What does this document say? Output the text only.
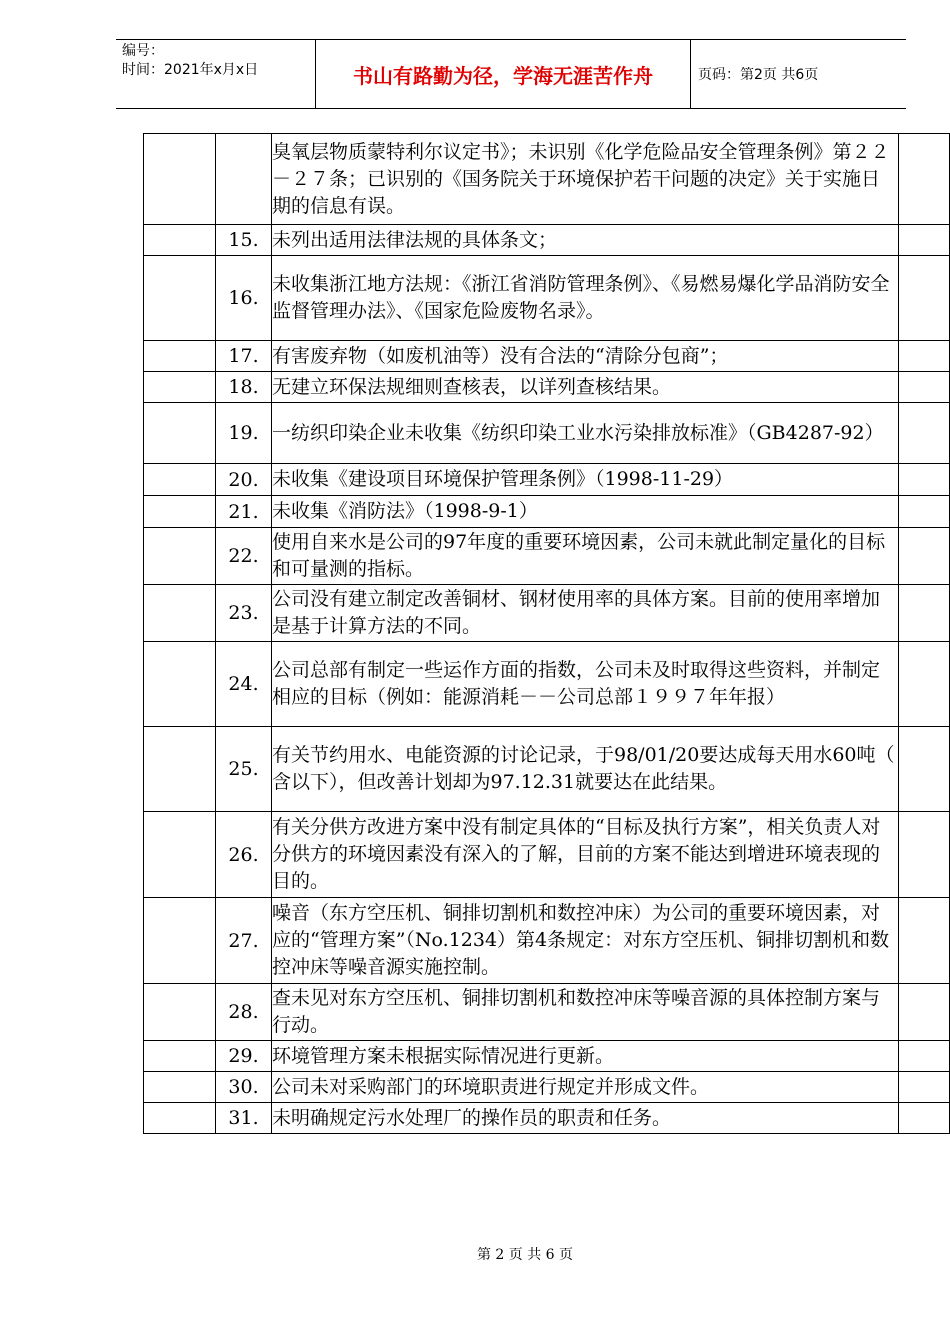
编号：
时间：2021年x月x日	书山有路勤为径，学海无涯苦作舟	页码：第2页 共6页
		臭氧层物质蒙特利尔议定书》；未识别《化学危险品安全管理条例》第２２－２７条；已识别的《国务院关于环境保护若干问题的决定》关于实施日期的信息有误。	
	15.	未列出适用法律法规的具体条文；	
	16.	未收集浙江地方法规：《浙江省消防管理条例》、《易燃易爆化学品消防安全监督管理办法》、《国家危险废物名录》。	
	17.	有害废弃物（如废机油等）没有合法的“清除分包商”；	
	18.	无建立环保法规细则查核表，以详列查核结果。	
	19.	一纺织印染企业未收集《纺织印染工业水污染排放标准》（GB4287-92）	
	20.	未收集《建设项目环境保护管理条例》（1998-11-29）	
	21.	未收集《消防法》（1998-9-1）	
	22.	使用自来水是公司的97年度的重要环境因素，公司未就此制定量化的目标和可量测的指标。	
	23.	公司没有建立制定改善铜材、钢材使用率的具体方案。目前的使用率增加是基于计算方法的不同。	
	24.	公司总部有制定一些运作方面的指数，公司未及时取得这些资料，并制定相应的目标（例如：能源消耗－－公司总部１９９７年年报）	
	25.	有关节约用水、电能资源的讨论记录，于98/01/20要达成每天用水60吨（ 含以下），但改善计划却为97.12.31就要达在此结果。	
	26.	有关分供方改进方案中没有制定具体的“目标及执行方案”，相关负责人对分供方的环境因素没有深入的了解，目前的方案不能达到增进环境表现的目的。	
	27.	噪音（东方空压机、铜排切割机和数控冲床）为公司的重要环境因素，对应的“管理方案”（No.1234）第4条规定：对东方空压机、铜排切割机和数控冲床等噪音源实施控制。	
	28.	查未见对东方空压机、铜排切割机和数控冲床等噪音源的具体控制方案与行动。	
	29.	环境管理方案未根据实际情况进行更新。	
	30.	公司未对采购部门的环境职责进行规定并形成文件。	
	31.	未明确规定污水处理厂的操作员的职责和任务。	
第 2 页 共 6 页
